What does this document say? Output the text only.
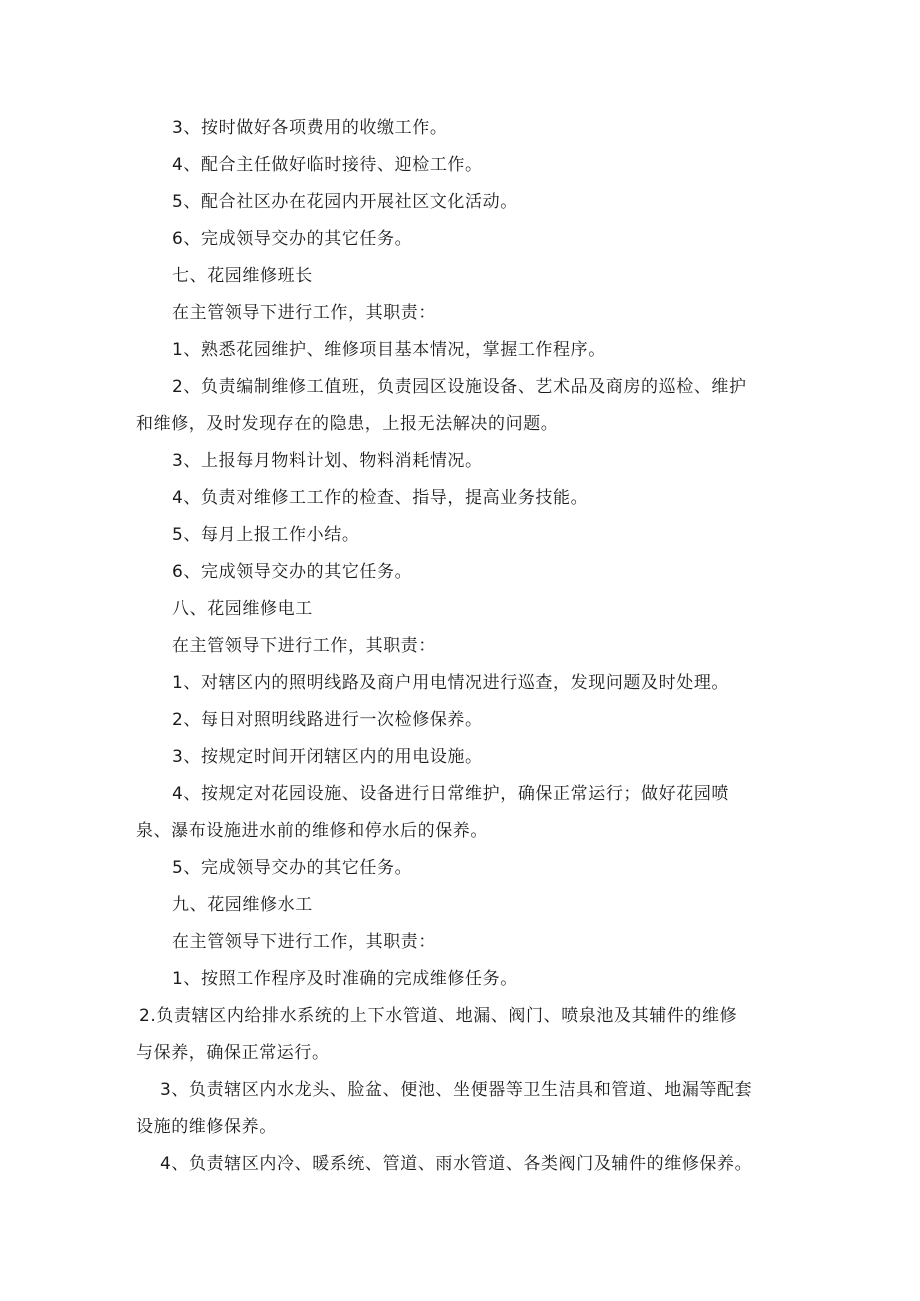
3、按时做好各项费用的收缴工作。

4、配合主任做好临时接待、迎检工作。

5、配合社区办在花园内开展社区文化活动。

6、完成领导交办的其它任务。

七、花园维修班长

在主管领导下进行工作，其职责：

1、熟悉花园维护、维修项目基本情况，掌握工作程序。

2、负责编制维修工值班，负责园区设施设备、艺术品及商房的巡检、维护
和维修，及时发现存在的隐患，上报无法解决的问题。

3、上报每月物料计划、物料消耗情况。

4、负责对维修工工作的检查、指导，提高业务技能。

5、每月上报工作小结。

6、完成领导交办的其它任务。

八、花园维修电工

在主管领导下进行工作，其职责：

1、对辖区内的照明线路及商户用电情况进行巡查，发现问题及时处理。

2、每日对照明线路进行一次检修保养。

3、按规定时间开闭辖区内的用电设施。

4、按规定对花园设施、设备进行日常维护，确保正常运行；做好花园喷
泉、瀑布设施进水前的维修和停水后的保养。

5、完成领导交办的其它任务。

九、花园维修水工

在主管领导下进行工作，其职责：

1、按照工作程序及时准确的完成维修任务。

2.负责辖区内给排水系统的上下水管道、地漏、阀门、喷泉池及其辅件的维修
与保养，确保正常运行。

3、负责辖区内水龙头、脸盆、便池、坐便器等卫生洁具和管道、地漏等配套
设施的维修保养。

4、负责辖区内冷、暖系统、管道、雨水管道、各类阀门及辅件的维修保养。
